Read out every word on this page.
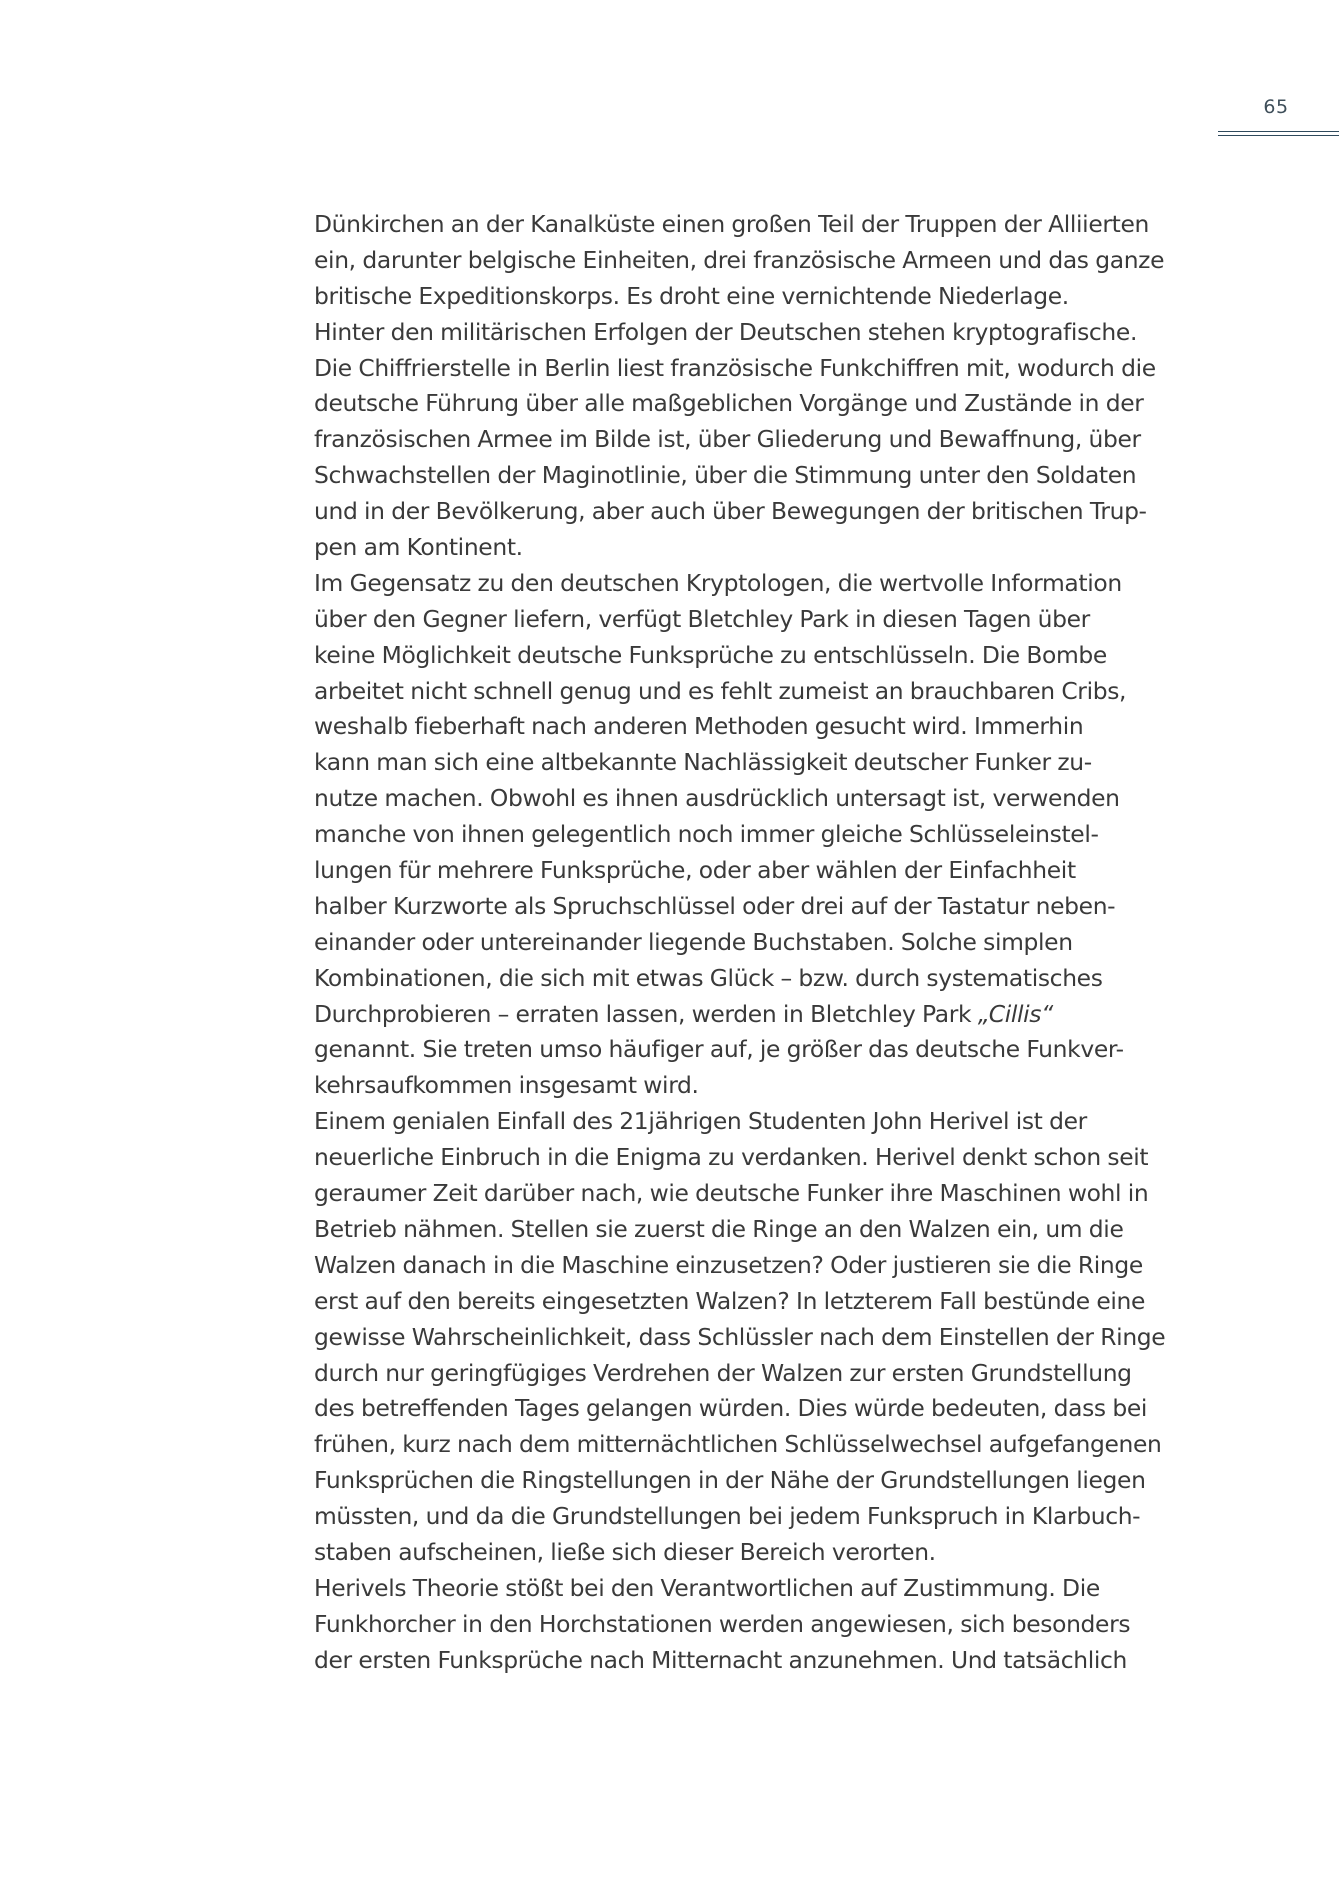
65
Dünkirchen an der Kanalküste einen großen Teil der Truppen der Alliierten
ein, darunter belgische Einheiten, drei französische Armeen und das ganze
britische Expeditionskorps. Es droht eine vernichtende Niederlage.
Hinter den militärischen Erfolgen der Deutschen stehen kryptografische.
Die Chiffrierstelle in Berlin liest französische Funkchiffren mit, wodurch die
deutsche Führung über alle maßgeblichen Vorgänge und Zustände in der
französischen Armee im Bilde ist, über Gliederung und Bewaffnung, über
Schwachstellen der Maginotlinie, über die Stimmung unter den Soldaten
und in der Bevölkerung, aber auch über Bewegungen der britischen Trup-
pen am Kontinent.
Im Gegensatz zu den deutschen Kryptologen, die wertvolle Information
über den Gegner liefern, verfügt Bletchley Park in diesen Tagen über
keine Möglichkeit deutsche Funksprüche zu entschlüsseln. Die Bombe
arbeitet nicht schnell genug und es fehlt zumeist an brauchbaren Cribs,
weshalb fieberhaft nach anderen Methoden gesucht wird. Immerhin
kann man sich eine altbekannte Nachlässigkeit deutscher Funker zu-
nutze machen. Obwohl es ihnen ausdrücklich untersagt ist, verwenden
manche von ihnen gelegentlich noch immer gleiche Schlüsseleinstel-
lungen für mehrere Funksprüche, oder aber wählen der Einfachheit
halber Kurzworte als Spruchschlüssel oder drei auf der Tastatur neben-
einander oder untereinander liegende Buchstaben. Solche simplen
Kombinationen, die sich mit etwas Glück – bzw. durch systematisches
Durchprobieren – erraten lassen, werden in Bletchley Park „Cillis“
genannt. Sie treten umso häufiger auf, je größer das deutsche Funkver-
kehrsaufkommen insgesamt wird.
Einem genialen Einfall des 21jährigen Studenten John Herivel ist der
neuerliche Einbruch in die Enigma zu verdanken. Herivel denkt schon seit
geraumer Zeit darüber nach, wie deutsche Funker ihre Maschinen wohl in
Betrieb nähmen. Stellen sie zuerst die Ringe an den Walzen ein, um die
Walzen danach in die Maschine einzusetzen? Oder justieren sie die Ringe
erst auf den bereits eingesetzten Walzen? In letzterem Fall bestünde eine
gewisse Wahrscheinlichkeit, dass Schlüssler nach dem Einstellen der Ringe
durch nur geringfügiges Verdrehen der Walzen zur ersten Grundstellung
des betreffenden Tages gelangen würden. Dies würde bedeuten, dass bei
frühen, kurz nach dem mitternächtlichen Schlüsselwechsel aufgefangenen
Funksprüchen die Ringstellungen in der Nähe der Grundstellungen liegen
müssten, und da die Grundstellungen bei jedem Funkspruch in Klarbuch-
staben aufscheinen, ließe sich dieser Bereich verorten.
Herivels Theorie stößt bei den Verantwortlichen auf Zustimmung. Die
Funkhorcher in den Horchstationen werden angewiesen, sich besonders
der ersten Funksprüche nach Mitternacht anzunehmen. Und tatsächlich
